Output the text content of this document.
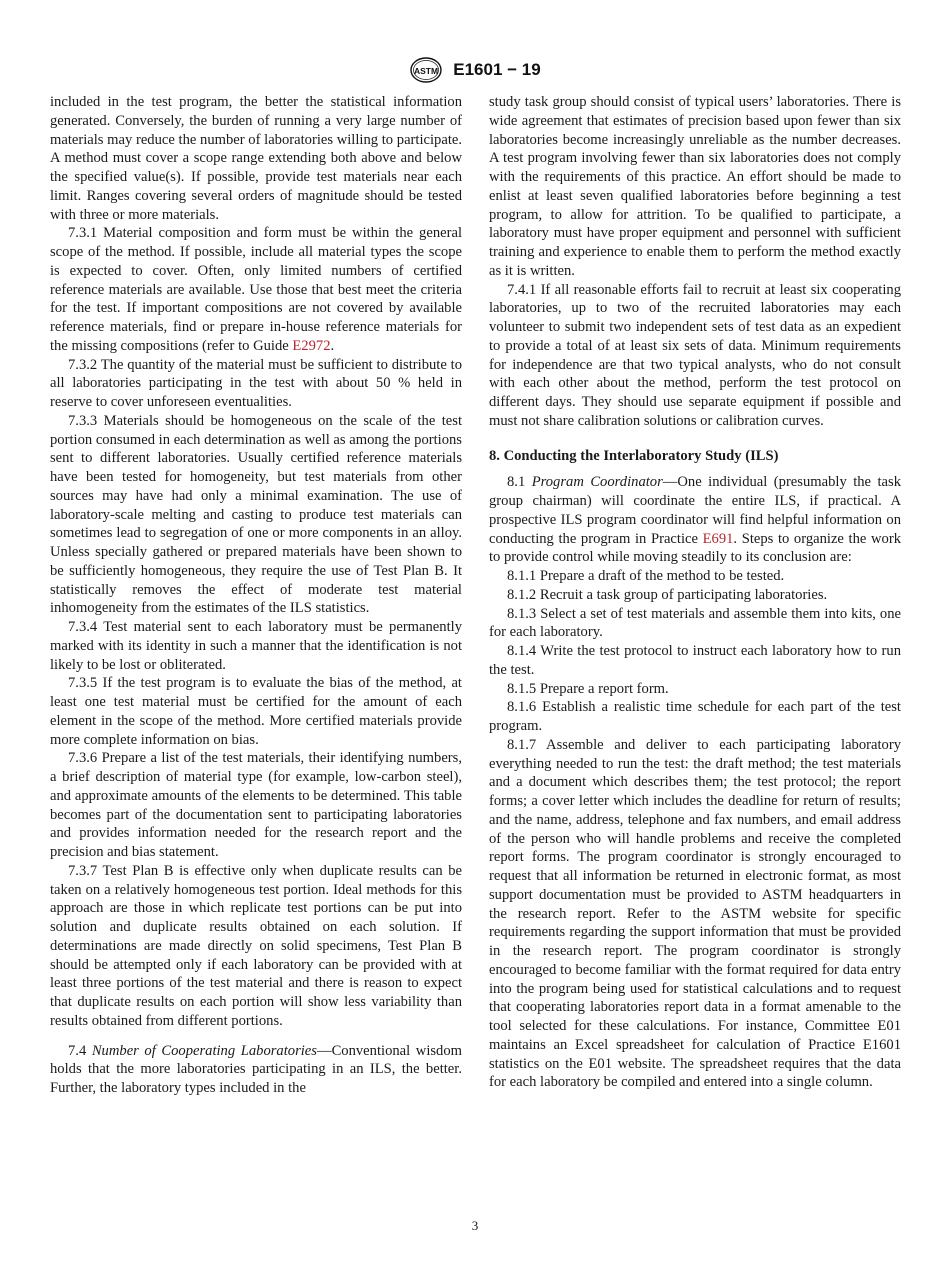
ASTM E1601 − 19

included in the test program, the better the statistical information generated. Conversely, the burden of running a very large number of materials may reduce the number of laboratories willing to participate. A method must cover a scope range extending both above and below the specified value(s). If possible, provide test materials near each limit. Ranges covering several orders of magnitude should be tested with three or more materials.

7.3.1 Material composition and form must be within the general scope of the method. If possible, include all material types the scope is expected to cover. Often, only limited numbers of certified reference materials are available. Use those that best meet the criteria for the test. If important compositions are not covered by available reference materials, find or prepare in-house reference materials for the missing compositions (refer to Guide E2972.

7.3.2 The quantity of the material must be sufficient to distribute to all laboratories participating in the test with about 50 % held in reserve to cover unforeseen eventualities.

7.3.3 Materials should be homogeneous on the scale of the test portion consumed in each determination as well as among the portions sent to different laboratories. Usually certified reference materials have been tested for homogeneity, but test materials from other sources may have had only a minimal examination. The use of laboratory-scale melting and casting to produce test materials can sometimes lead to segregation of one or more components in an alloy. Unless specially gathered or prepared materials have been shown to be sufficiently homogeneous, they require the use of Test Plan B. It statistically removes the effect of moderate test material inhomogeneity from the estimates of the ILS statistics.

7.3.4 Test material sent to each laboratory must be permanently marked with its identity in such a manner that the identification is not likely to be lost or obliterated.

7.3.5 If the test program is to evaluate the bias of the method, at least one test material must be certified for the amount of each element in the scope of the method. More certified materials provide more complete information on bias.

7.3.6 Prepare a list of the test materials, their identifying numbers, a brief description of material type (for example, low-carbon steel), and approximate amounts of the elements to be determined. This table becomes part of the documentation sent to participating laboratories and provides information needed for the research report and the precision and bias statement.

7.3.7 Test Plan B is effective only when duplicate results can be taken on a relatively homogeneous test portion. Ideal methods for this approach are those in which replicate test portions can be put into solution and duplicate results obtained on each solution. If determinations are made directly on solid specimens, Test Plan B should be attempted only if each laboratory can be provided with at least three portions of the test material and there is reason to expect that duplicate results on each portion will show less variability than results obtained from different portions.

7.4 Number of Cooperating Laboratories—Conventional wisdom holds that the more laboratories participating in an ILS, the better. Further, the laboratory types included in the

study task group should consist of typical users’ laboratories. There is wide agreement that estimates of precision based upon fewer than six laboratories become increasingly unreliable as the number decreases. A test program involving fewer than six laboratories does not comply with the requirements of this practice. An effort should be made to enlist at least seven qualified laboratories before beginning a test program, to allow for attrition. To be qualified to participate, a laboratory must have proper equipment and personnel with sufficient training and experience to enable them to perform the method exactly as it is written.

7.4.1 If all reasonable efforts fail to recruit at least six cooperating laboratories, up to two of the recruited laboratories may each volunteer to submit two independent sets of test data as an expedient to provide a total of at least six sets of data. Minimum requirements for independence are that two typical analysts, who do not consult with each other about the method, perform the test protocol on different days. They should use separate equipment if possible and must not share calibration solutions or calibration curves.

8. Conducting the Interlaboratory Study (ILS)

8.1 Program Coordinator—One individual (presumably the task group chairman) will coordinate the entire ILS, if practical. A prospective ILS program coordinator will find helpful information on conducting the program in Practice E691. Steps to organize the work to provide control while moving steadily to its conclusion are:

8.1.1 Prepare a draft of the method to be tested.

8.1.2 Recruit a task group of participating laboratories.

8.1.3 Select a set of test materials and assemble them into kits, one for each laboratory.

8.1.4 Write the test protocol to instruct each laboratory how to run the test.

8.1.5 Prepare a report form.

8.1.6 Establish a realistic time schedule for each part of the test program.

8.1.7 Assemble and deliver to each participating laboratory everything needed to run the test: the draft method; the test materials and a document which describes them; the test protocol; the report forms; a cover letter which includes the deadline for return of results; and the name, address, telephone and fax numbers, and email address of the person who will handle problems and receive the completed report forms. The program coordinator is strongly encouraged to request that all information be returned in electronic format, as most support documentation must be provided to ASTM headquarters in the research report. Refer to the ASTM website for specific requirements regarding the support information that must be provided in the research report. The program coordinator is strongly encouraged to become familiar with the format required for data entry into the program being used for statistical calculations and to request that cooperating laboratories report data in a format amenable to the tool selected for these calculations. For instance, Committee E01 maintains an Excel spreadsheet for calculation of Practice E1601 statistics on the E01 website. The spreadsheet requires that the data for each laboratory be compiled and entered into a single column.

3
